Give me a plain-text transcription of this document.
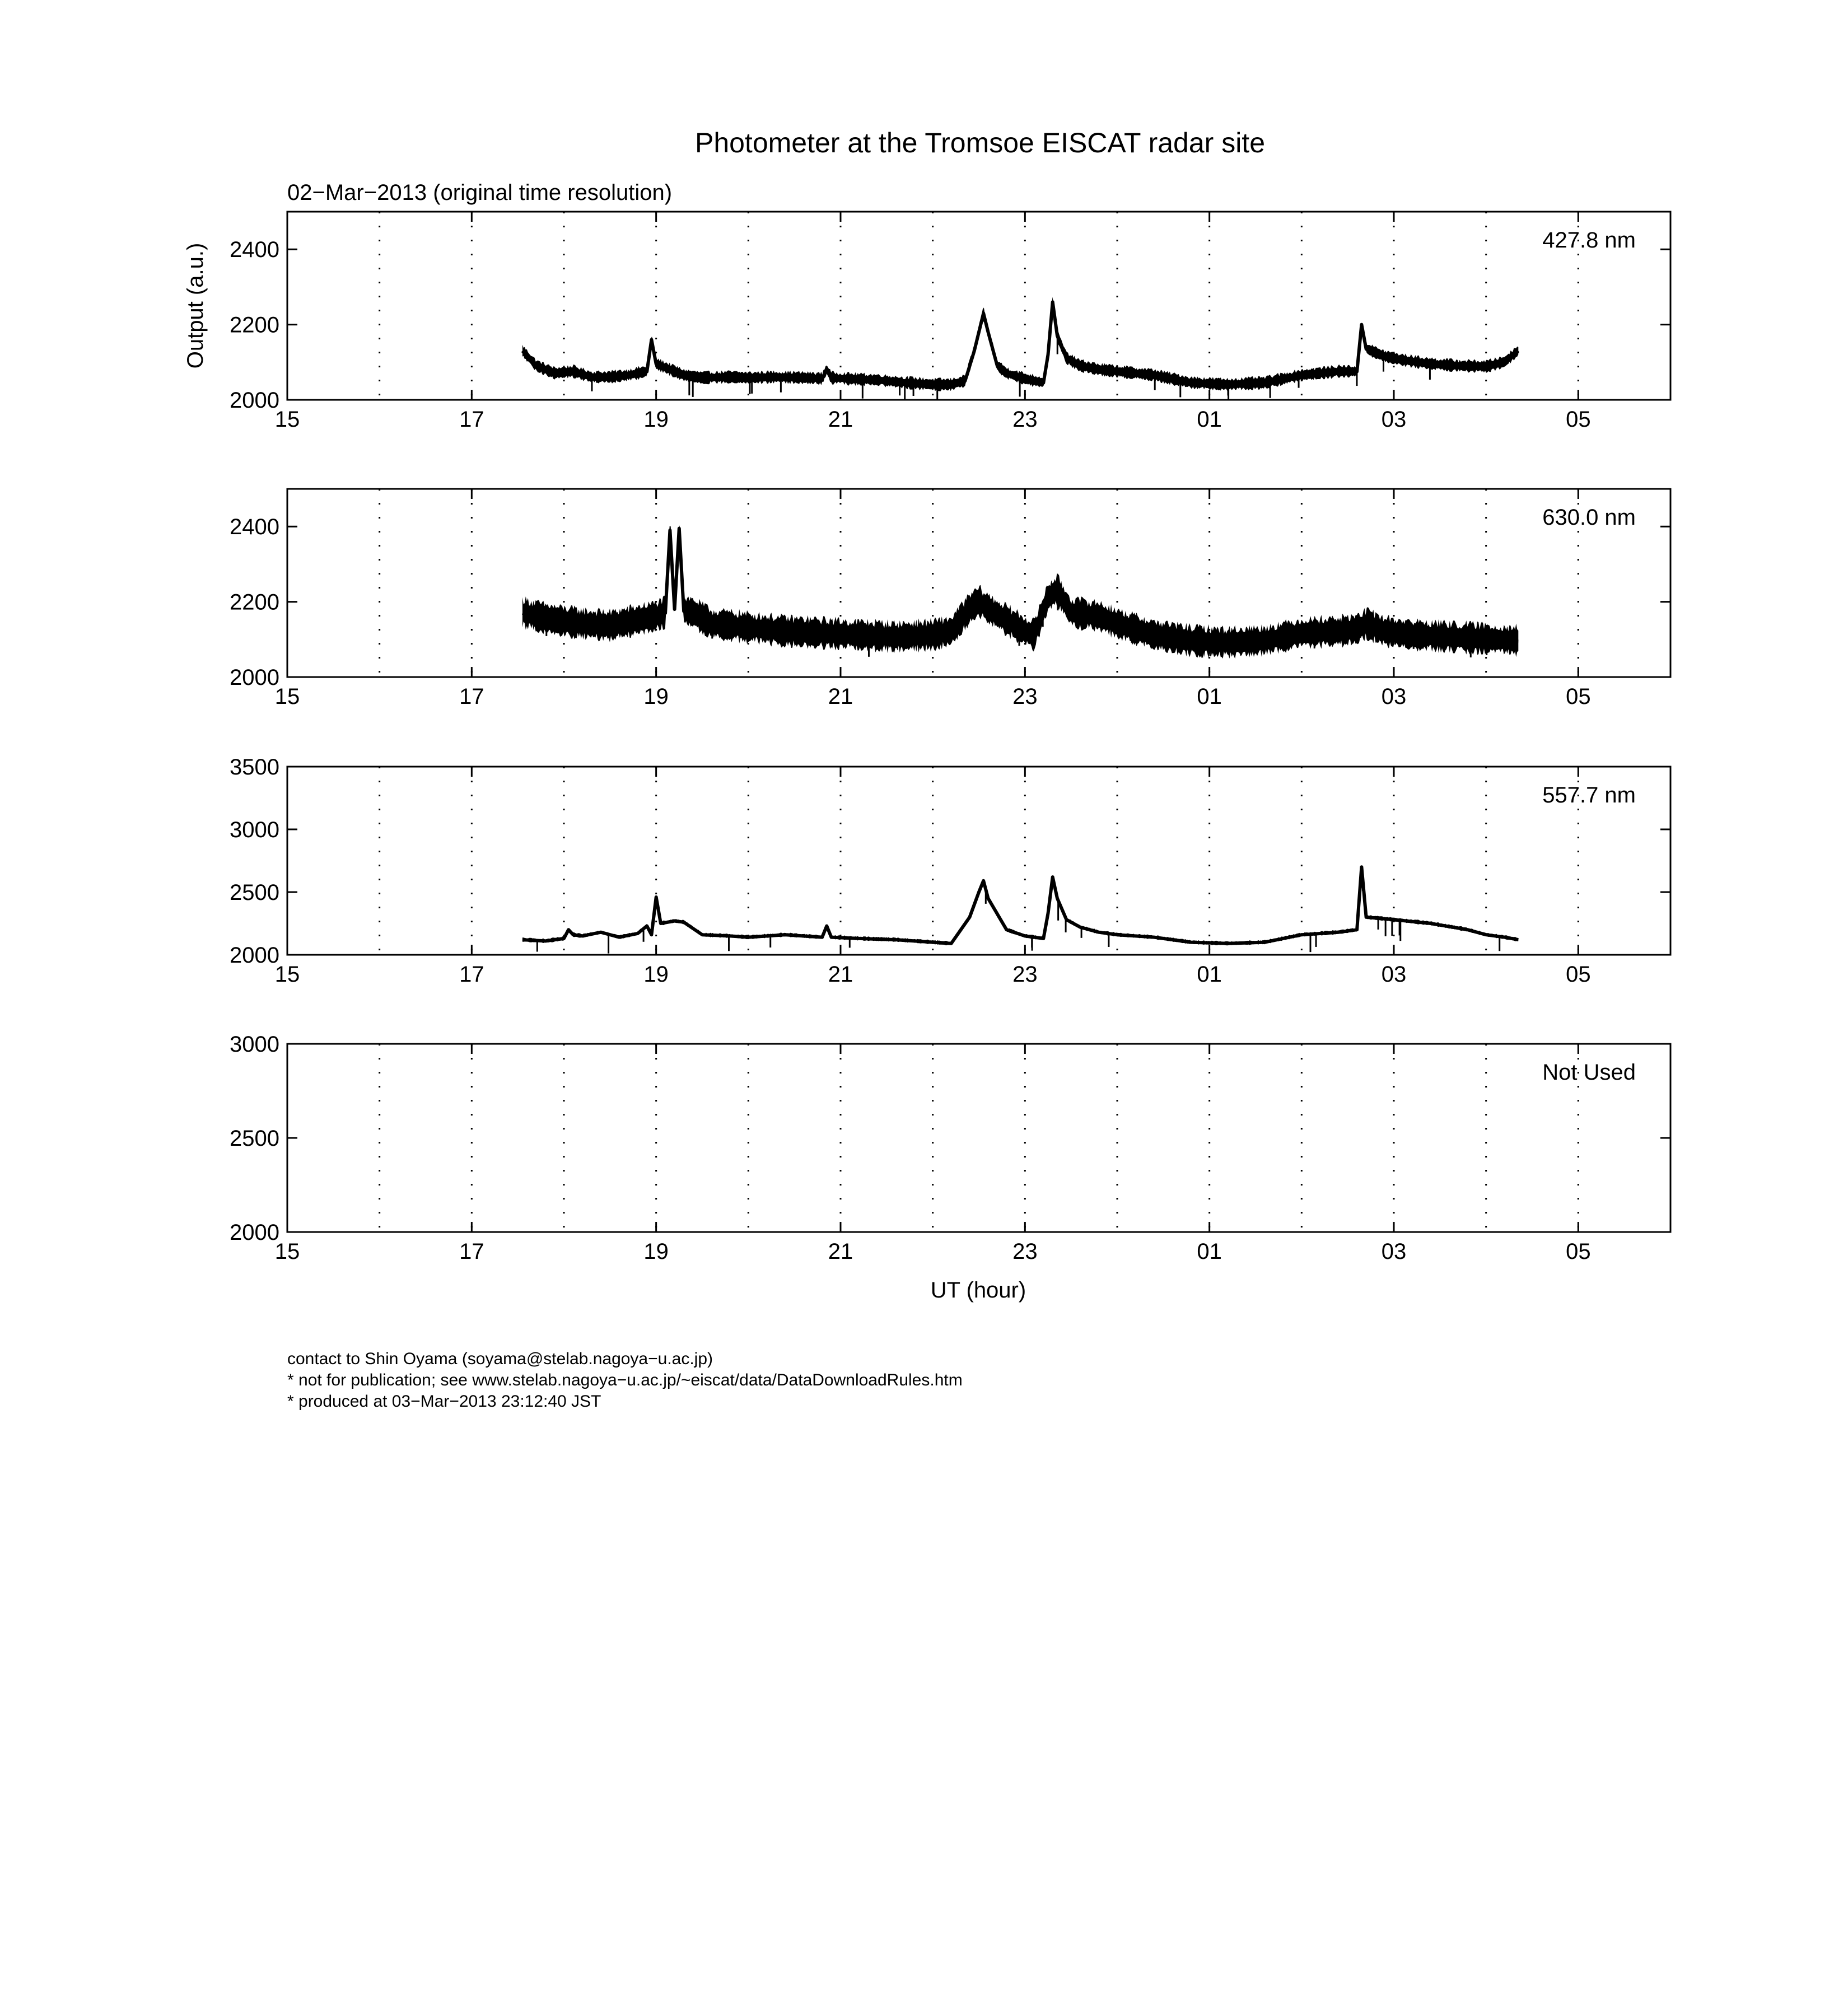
Photometer at the Tromsoe EISCAT radar site
02−Mar−2013 (original time resolution)
Output (a.u.)
UT (hour)
15	17	19	21	23	01	03	05
2000
2200
2400	427.8 nm
15	17	19	21	23	01	03	05
2000
2200
2400	630.0 nm
15	17	19	21	23	01	03	05
2000
2500
3000
3500
557.7 nm
15	17	19	21	23	01	03	05
2000
2500
3000
Not Used
contact to Shin Oyama (soyama@stelab.nagoya−u.ac.jp)
* not for publication; see www.stelab.nagoya−u.ac.jp/~eiscat/data/DataDownloadRules.htm
* produced at 03−Mar−2013 23:12:40 JST
